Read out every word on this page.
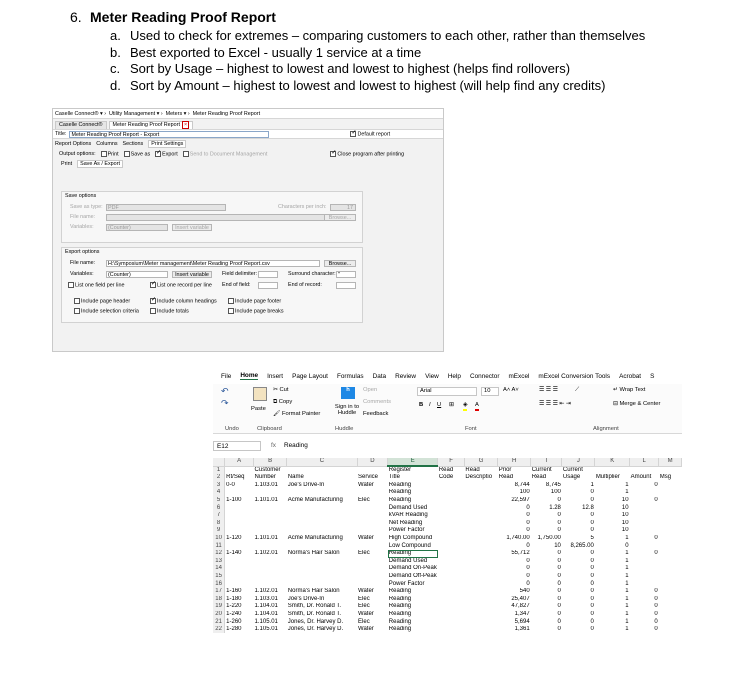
6. Meter Reading Proof Report
a. Used to check for extremes – comparing customers to each other, rather than themselves
b. Best exported to Excel - usually 1 service at a time
c. Sort by Usage – highest to lowest and lowest to highest (helps find rollovers)
d. Sort by Amount – highest to lowest and lowest to highest (will help find any credits)
Caselle Connect® ▾ › Utility Management ▾ › Meters ▾ › Meter Reading Proof Report
Caselle Connect®	Meter Reading Proof Report ×
Title: Meter Reading Proof Report - Export ✓	Default report
Report Options Columns Sections	Print Settings
Output options:	Print	Save as ✓	Export	Send to Document Management ✓	Close program after printing
Print	Save As / Export
Save options
Save as type: PDF	Characters per inch:	17
File name:	Browse...
Variables:	(Counter)	Insert variable
Export options
File name:	H:\Symposium\Meter management\Meter Reading Proof Report.csv	Browse...
Variables:	(Counter)	Insert variable	Field delimiter:	Surround character: "
List one field per line ✓	List one record per line End of field:	End of record:
Include page header ✓	Include column headings	Include page footer
Include selection criteria	Include totals	Include page breaks
File Home Insert Page Layout Formulas Data Review View Help Connector mExcel mExcel Conversion Tools Acrobat S
↶
↷
Paste
✂ Cut
⧉ Copy
🖌 Format Painter
h
Sign in to Huddle
Open
Comments
Feedback
Arial	10	A˄ A˅
B I U ⊞ ◈ A
☰ ☰ ☰
☰ ☰ ☰ ⇤ ⇥
⟋	↵ Wrap Text
⊟ Merge & Center
Undo	Clipboard	Huddle	Font	Alignment
E12	fx Reading
	A	B	C	D	E	F	G	H	I	J	K	L	M
1		Customer			Register	Read	Read	Prior	Current	Current			
2	Rt/Seq	Number	Name	Service	Title	Code	Descriptio	Read	Read	Usage	Multiplier	Amount	Msg
3	0-0	1.103.01	Joe's Drive-In	Water	Reading			8,744	8,745	1	1	0	
4					Reading			100	100	0	1		
5	1-100	1.101.01	Acme Manufacturing	Elec	Reading			22,597	0	0	10	0	
6					Demand Used			0	1.28	12.8	10		
7					kVAR Reading			0	0	0	10		
8					Net Reading			0	0	0	10		
9					Power Factor			0	0	0	10		
10	1-120	1.101.01	Acme Manufacturing	Water	High Compound			1,740.00	1,750.00	5	1	0	
11					Low Compound			0	10	8,265.00	0		
12	1-140	1.102.01	Norma's Hair Salon	Elec	Reading			55,712	0	0	1	0	
13					Demand Used			0	0	0	1		
14					Demand On-Peak			0	0	0	1		
15					Demand Off-Peak			0	0	0	1		
16					Power Factor			0	0	0	1		
17	1-160	1.102.01	Norma's Hair Salon	Water	Reading			540	0	0	1	0	
18	1-180	1.103.01	Joe's Drive-In	Elec	Reading			25,407	0	0	1	0	
19	1-220	1.104.01	Smith, Dr. Ronald T.	Elec	Reading			47,827	0	0	1	0	
20	1-240	1.104.01	Smith, Dr. Ronald T.	Water	Reading			1,347	0	0	1	0	
21	1-260	1.105.01	Jones, Dr. Harvey D.	Elec	Reading			5,694	0	0	1	0	
22	1-280	1.105.01	Jones, Dr. Harvey D.	Water	Reading			1,361	0	0	1	0	
